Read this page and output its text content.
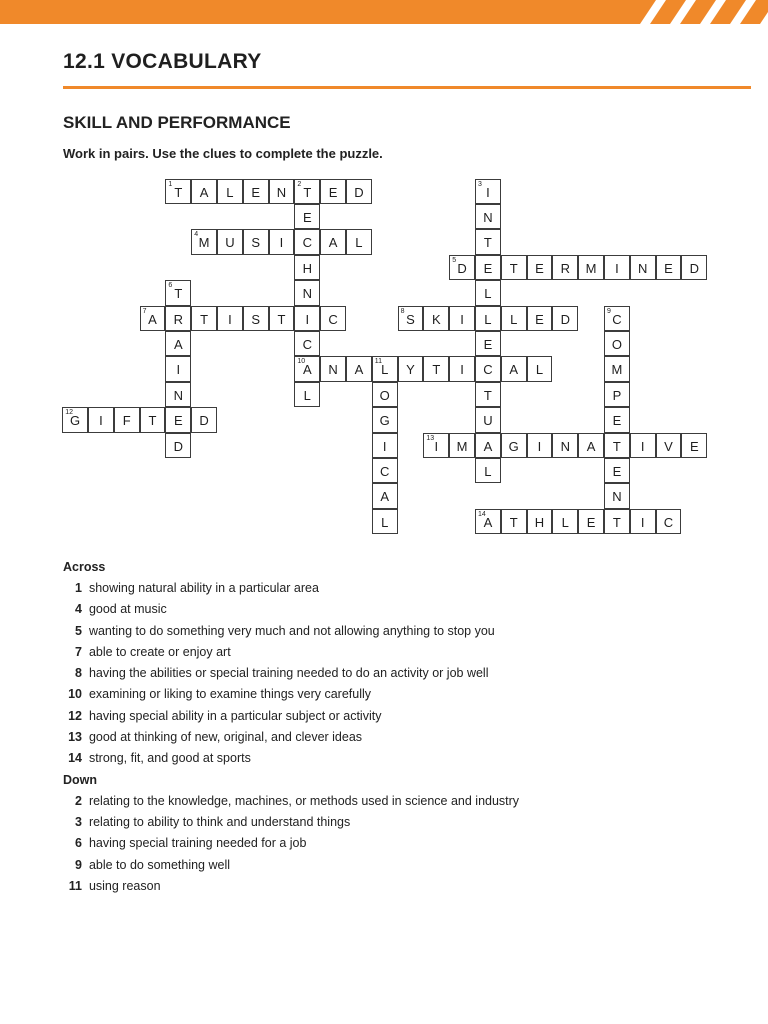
12.1 VOCABULARY
SKILL AND PERFORMANCE

Work in pairs. Use the clues to complete the puzzle.

1
T	A	L	E	N
2
T	E	D
4
M	U	S	I	C	A	L
5
D	E	T	E	R	M	I	N	E	D
7
A	R	T	I	S	T	I	C
8
S	K	I	L	L	E	D
10
A	N	A
11
L	Y	T	I	C	A	L
12
G	I	F	T	E	D
13
I	M	A	G	I	N	A	T	I	V	E
14
A	T	H	L	E	T	I	C
E
H
N
C
L
3
I
N
T
L
E
T
U
L
6
T
A
I
N
D
9
C
O
M
P
E
E
N
O
G
I
C
A
L
Across
1  showing natural ability in a particular area
4  good at music
5  wanting to do something very much and not allowing anything to stop you
7  able to create or enjoy art
8  having the abilities or special training needed to do an activity or job well
10  examining or liking to examine things very carefully
12  having special ability in a particular subject or activity
13  good at thinking of new, original, and clever ideas
14  strong, fit, and good at sports
Down
2  relating to the knowledge, machines, or methods used in science and industry
3  relating to ability to think and understand things
6  having special training needed for a job
9  able to do something well
11  using reason
